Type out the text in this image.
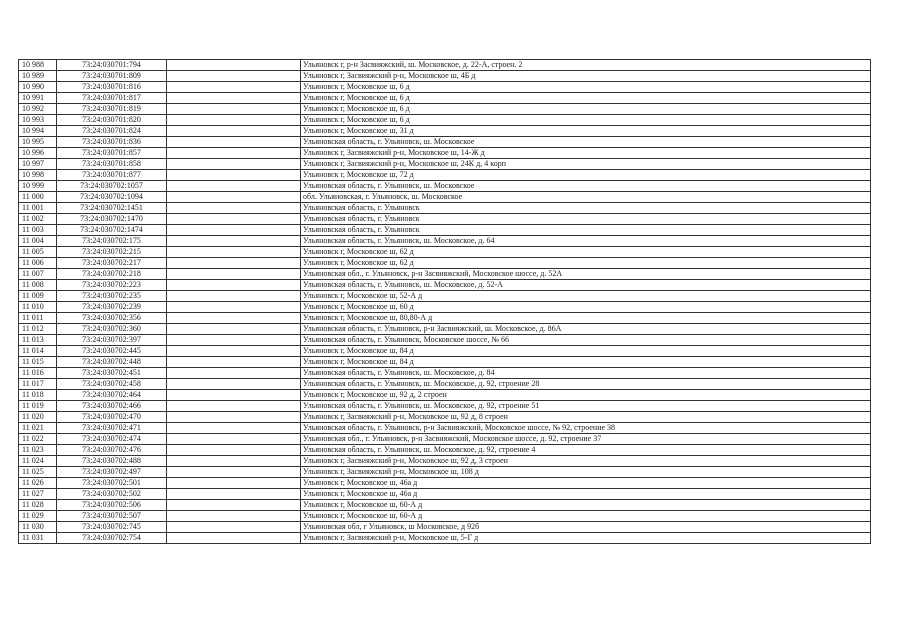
10 988	73:24:030701:794		Ульяновск г, р-н Засвияжский, ш. Московское, д. 22-А, строен. 2
10 989	73:24:030701:809		Ульяновск г, Засвияжский р-н, Московское ш, 4Б д
10 990	73:24:030701:816		Ульяновск г, Московское ш, 6 д
10 991	73:24:030701:817		Ульяновск г, Московское ш, 6 д
10 992	73:24:030701:819		Ульяновск г, Московское ш, 6 д
10 993	73:24:030701:820		Ульяновск г, Московское ш, 6 д
10 994	73:24:030701:824		Ульяновск г, Московское ш, 31 д
10 995	73:24:030701:836		Ульяновская область, г. Ульяновск, ш. Московское
10 996	73:24:030701:857		Ульяновск г, Засвияжский р-н, Московское ш, 14-Ж д
10 997	73:24:030701:858		Ульяновск г, Засвияжский р-н, Московское ш, 24К д, 4 корп
10 998	73:24:030701:877		Ульяновск г, Московское ш, 72 д
10 999	73:24:030702:1057		Ульяновская область, г. Ульяновск, ш. Московское
11 000	73:24:030702:1094		обл. Ульяновская, г. Ульяновск, ш. Московское
11 001	73:24:030702:1451		Ульяновская область, г. Ульяновск
11 002	73:24:030702:1470		Ульяновская область, г. Ульяновск
11 003	73:24:030702:1474		Ульяновская область, г. Ульяновск
11 004	73:24:030702:175		Ульяновская область, г. Ульяновск, ш. Московское, д. 64
11 005	73:24:030702:215		Ульяновск г, Московское ш, 62 д
11 006	73:24:030702:217		Ульяновск г, Московское ш, 62 д
11 007	73:24:030702:218		Ульяновская обл., г. Ульяновск, р-н Засвияжский, Московское шоссе, д. 52А
11 008	73:24:030702:223		Ульяновская область, г. Ульяновск, ш. Московское, д. 52-А
11 009	73:24:030702:235		Ульяновск г, Московское ш, 52-А д
11 010	73:24:030702:239		Ульяновск г, Московское ш, 60 д
11 011	73:24:030702:356		Ульяновск г, Московское ш, 80,80-А д
11 012	73:24:030702:360		Ульяновская область, г. Ульяновск, р-н Засвияжский, ш. Московское, д. 86А
11 013	73:24:030702:397		Ульяновская область, г. Ульяновск, Московское шоссе, № 66
11 014	73:24:030702:445		Ульяновск г, Московское ш, 84 д
11 015	73:24:030702:448		Ульяновск г, Московское ш, 84 д
11 016	73:24:030702:451		Ульяновская область, г. Ульяновск, ш. Московское, д. 84
11 017	73:24:030702:458		Ульяновская область, г. Ульяновск, ш. Московское, д. 92, строение 28
11 018	73:24:030702:464		Ульяновск г, Московское ш, 92 д, 2 строен
11 019	73:24:030702:466		Ульяновская область, г. Ульяновск, ш. Московское, д. 92, строение 51
11 020	73:24:030702:470		Ульяновск г, Засвияжский р-н, Московское ш, 92 д, 8 строен
11 021	73:24:030702:471		Ульяновская область, г. Ульяновск, р-н Засвияжский, Московское шоссе, № 92, строение 38
11 022	73:24:030702:474		Ульяновская обл., г. Ульяновск, р-н Засвияжский, Московское шоссе, д. 92, строение 37
11 023	73:24:030702:476		Ульяновская область, г. Ульяновск, ш. Московское, д. 92, строение 4
11 024	73:24:030702:488		Ульяновск г, Засвияжский р-н, Московское ш, 92 д, 3 строен
11 025	73:24:030702:497		Ульяновск г, Засвияжский р-н, Московское ш, 108 д
11 026	73:24:030702:501		Ульяновск г, Московское ш, 46а д
11 027	73:24:030702:502		Ульяновск г, Московское ш, 46а д
11 028	73:24:030702:506		Ульяновск г, Московское ш, 60-А д
11 029	73:24:030702:507		Ульяновск г, Московское ш, 60-А д
11 030	73:24:030702:745		Ульяновская обл, г Ульяновск, ш Московское, д 92б
11 031	73:24:030702:754		Ульяновск г, Засвияжский р-н, Московское ш, 5-Г д
